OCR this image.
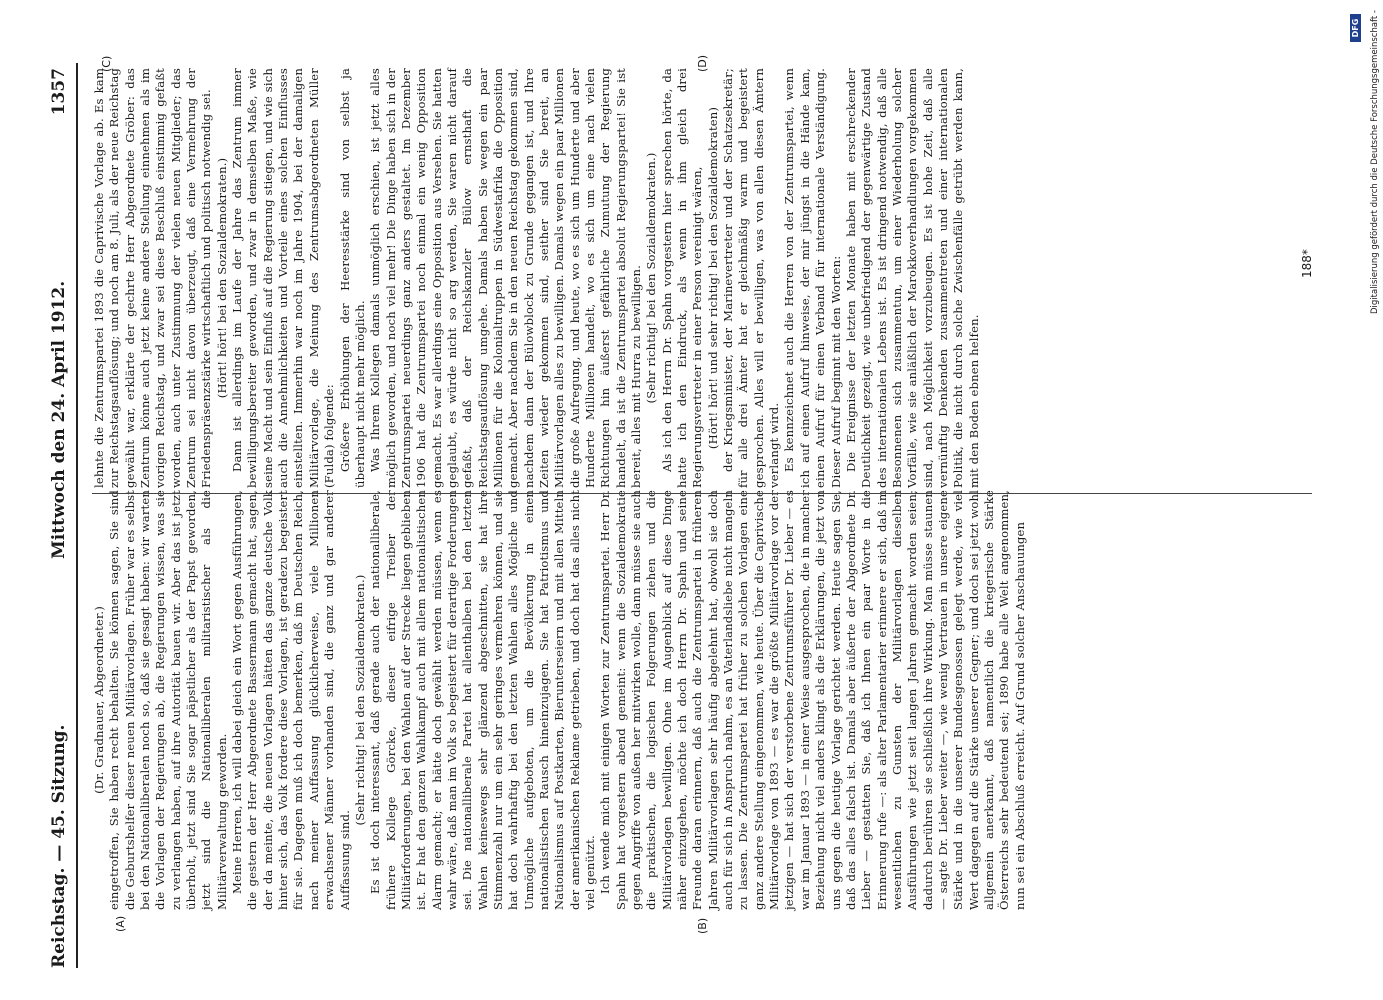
Reichstag. — 45. Sitzung.
Mittwoch den 24. April 1912.
1357
(A)	(B)
(C)	(D)

(Dr. Gradnauer, Abgeordneter.) eingetroffen, Sie haben recht behalten. Sie können sagen, Sie sind die Geburtshelfer dieser neuen Militärvorlagen. Früher war es selbst bei den Nationalliberalen noch so, daß sie gesagt haben: wir warten die Vorlagen der Regierungen ab, die Regierungen wissen, was sie zu verlangen haben, auf ihre Autorität bauen wir. Aber das ist jetzt überholt, jetzt sind Sie sogar päpstlicher als der Papst geworden, jetzt sind die Nationalliberalen militaristischer als die Militärverwaltung geworden. Meine Herren, ich will dabei gleich ein Wort gegen Ausführungen, die gestern der Herr Abgeordnete Bassermann gemacht hat, sagen, der da meinte, die neuen Vorlagen hätten das ganze deutsche Volk hinter sich, das Volk fordere diese Vorlagen, ist geradezu begeistert für sie. Dagegen muß ich doch bemerken, daß im Deutschen Reich, nach meiner Auffassung glücklicherweise, viele Millionen erwachsener Männer vorhanden sind, die ganz und gar anderer Auffassung sind.

(Sehr richtig! bei den Sozialdemokraten.) Es ist doch interessant, daß gerade auch der nationalliberale, frühere Kollege Görcke, dieser eifrige Treiber der Militärforderungen, bei den Wahlen auf der Strecke liegen geblieben ist. Er hat den ganzen Wahlkampf auch mit allem nationalistischen Alarm gemacht; er hätte doch gewählt werden müssen, wenn es wahr wäre, daß man im Volk so begeistert für derartige Forderungen sei. Die nationalliberale Partei hat allenthalben bei den letzten Wahlen keineswegs sehr glänzend abgeschnitten, sie hat ihre Stimmenzahl nur um ein sehr geringes vermehren können, und sie hat doch wahrhaftig bei den letzten Wahlen alles Mögliche und Unmögliche aufgeboten, um die Bevölkerung in einen nationalistischen Rausch hineinzujagen. Sie hat Patriotismus und Nationalismus auf Postkarten, Bierunterseiern und mit allen Mitteln der amerikanischen Reklame getrieben, und doch hat das alles nicht viel genützt. Ich wende mich mit einigen Worten zur Zentrumspartei. Herr Dr. Spahn hat vorgestern abend gemeint: wenn die Sozialdemokratie gegen Angriffe von außen her mitwirken wolle, dann müsse sie auch die praktischen, die logischen Folgerungen ziehen und die Militärvorlagen bewilligen. Ohne im Augenblick auf diese Dinge näher einzugehen, möchte ich doch Herrn Dr. Spahn und seine Freunde daran erinnern, daß auch die Zentrumspartei in früheren Jahren Militärvorlagen sehr häufig abgelehnt hat, obwohl sie doch auch für sich in Anspruch nahm, es an Vaterlandsliebe nicht mangeln zu lassen. Die Zentrumspartei hat früher zu solchen Vorlagen eine ganz andere Stellung eingenommen, wie heute. Über die Caprivische Militärvorlage von 1893 — es war die größte Militärvorlage vor der jetzigen — hat sich der verstorbene Zentrumsführer Dr. Lieber — es war im Januar 1893 — in einer Weise ausgesprochen, die in mancher Beziehung nicht viel anders klingt als die Erklärungen, die jetzt von uns gegen die heutige Vorlage gerichtet werden. Heute sagen Sie, daß das alles falsch ist. Damals aber äußerte der Abgeordnete Dr. Lieber — gestatten Sie, daß ich Ihnen ein paar Worte in die Erinnerung rufe —: als alter Parlamentarier erinnere er sich, daß im wesentlichen zu Gunsten der Militärvorlagen dieselben Ausführungen wie jetzt seit langen Jahren gemacht worden seien; dadurch berühren sie schließlich ihre Wirkung. Man müsse staunen — sagte Dr. Lieber weiter —, wie wenig Vertrauen in unsere eigene Stärke und in die unserer Bundesgenossen gelegt werde, wie viel Wert dagegen auf die Stärke unserer Gegner; und doch sei jetzt wohl allgemein anerkannt, daß namentlich die kriegerische Stärke Österreichs sehr bedeutend sei; 1890 habe alle Welt angenommen, nun sei ein Abschluß erreicht. Auf Grund solcher Anschauungen

lehnte die Zentrumspartei 1893 die Caprivische Vorlage ab. Es kam zur Reichstagsauflösung; und noch am 8. Juli, als der neue Reichstag gewählt war, erklärte der gechrte Herr Abgeordnete Gröber: das Zentrum könne auch jetzt keine andere Stellung einnehmen als im vorigen Reichstag, und zwar sei diese Beschluß einstimmig gefaßt worden, auch unter Zustimmung der vielen neuen Mitglieder; das Zentrum sei nicht davon überzeugt, daß eine Vermehrung der Friedenspräsenzstärke wirtschaftlich und politisch notwendig sei. (Hört! hört! bei den Sozialdemokraten.) Dann ist allerdings im Laufe der Jahre das Zentrum immer bewilligungsbereiter geworden, und zwar in demselben Maße, wie seine Macht und sein Einfluß auf die Regierung stiegen, und wie sich auch die Annehmlichkeiten und Vorteile eines solchen Einflusses einstellten. Immerhin war noch im Jahre 1904, bei der damaligen Militärvorlage, die Meinung des Zentrumsabgeordneten Müller (Fulda) folgende: Größere Erhöhungen der Heeresstärke sind von selbst ja überhaupt nicht mehr möglich. Was Ihrem Kollegen damals unmöglich erschien, ist jetzt alles möglich geworden, und noch viel mehr! Die Dinge haben sich in der Zentrumspartei neuerdings ganz anders gestaltet. Im Dezember 1906 hat die Zentrumspartei noch einmal ein wenig Opposition gemacht. Es war allerdings eine Opposition aus Versehen. Sie hatten geglaubt, es würde nicht so arg werden, Sie waren nicht darauf gefaßt, daß der Reichskanzler Bülow ernsthaft die Reichstagsauflösung umgehe. Damals haben Sie wegen ein paar Millionen für die Kolonialtruppen in Südwestafrika die Opposition gemacht. Aber nachdem Sie in den neuen Reichstag gekommen sind, nachdem dann der Bülowblock zu Grunde gegangen ist, und Ihre Zeiten wieder gekommen sind, seither sind Sie bereit, an Militärvorlagen alles zu bewilligen. Damals wegen ein paar Millionen die große Aufregung, und heute, wo es sich um Hunderte und aber Hunderte Millionen handelt, wo es sich um eine nach vielen Richtungen hin äußerst gefährliche Zumutung der Regierung handelt, da ist die Zentrumspartei absolut Regierungspartei! Sie ist bereit, alles mit Hurra zu bewilligen. (Sehr richtig! bei den Sozialdemokraten.) Als ich den Herrn Dr. Spahn vorgestern hier sprechen hörte, da hatte ich den Eindruck, als wenn in ihm gleich drei Regierungsvertreter in einer Person vereinigt wären, (Hört! hört! und sehr richtig! bei den Sozialdemokraten) der Kriegsminister, der Marinevertreter und der Schatzsekretär; für alle drei Ämter hat er gleichmäßig warm und begeistert gesprochen. Alles will er bewilligen, was von allen diesen Ämtern verlangt wird. Es kennzeichnet auch die Herren von der Zentrumspartei, wenn ich auf einen Aufruf hinweise, der mir jüngst in die Hände kam, einen Aufruf für einen Verband für internationale Verständigung. Dieser Aufruf beginnt mit den Worten: Die Ereignisse der letzten Monate haben mit erschreckender Deutlichkeit gezeigt, wie unbefriedigend der gegenwärtige Zustand des internationalen Lebens ist. Es ist dringend notwendig, daß alle Besonnenen sich zusammentun, um einer Wiederholung solcher Vorfälle, wie sie anläßlich der Marokkoverhandlungen vorgekommen sind, nach Möglichkeit vorzubeugen. Es ist hohe Zeit, daß alle vernünftig Denkenden zusammentreten und einer internationalen Politik, die nicht durch solche Zwischenfälle getrübt werden kann, mit den Boden ebnen helfen.

188*
DFG Digitalisierung gefördert durch die Deutsche Forschungsgemeinschaft -
